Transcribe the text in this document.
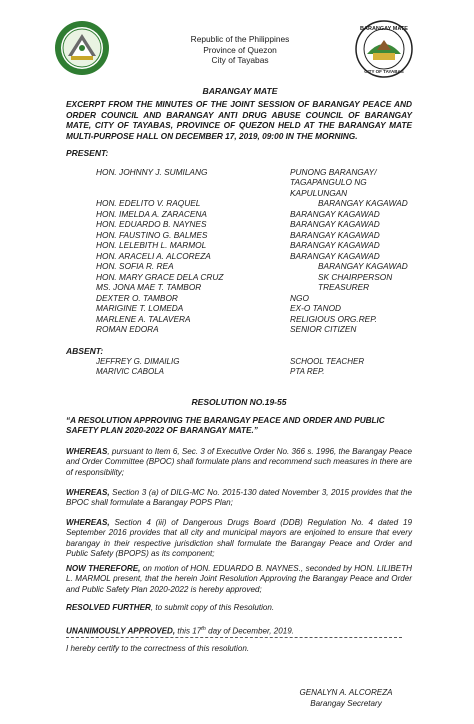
BARANGAY MATE
CITY OF TAYABAS
Republic of the Philippines
Province of Quezon
City of Tayabas
BARANGAY MATE
EXCERPT FROM THE MINUTES OF THE JOINT SESSION OF BARANGAY PEACE AND ORDER COUNCIL AND BARANGAY ANTI DRUG ABUSE COUNCIL OF BARANGAY MATE, CITY OF TAYABAS, PROVINCE OF QUEZON HELD AT THE BARANGAY MATE MULTI-PURPOSE HALL ON DECEMBER 17, 2019, 09:00 IN THE MORNING.
PRESENT:
HON. JOHNNY J. SUMILANG	PUNONG BARANGAY/
TAGAPANGULO NG
KAPULUNGAN
HON. EDELITO V. RAQUEL	BARANGAY KAGAWAD
HON. IMELDA A. ZARACENA	BARANGAY KAGAWAD
HON. EDUARDO B. NAYNES	BARANGAY KAGAWAD
HON. FAUSTINO G. BALMES	BARANGAY KAGAWAD
HON. LELEBITH L. MARMOL	BARANGAY KAGAWAD
HON. ARACELI A. ALCOREZA	BARANGAY KAGAWAD
HON. SOFIA R. REA	BARANGAY KAGAWAD
HON. MARY GRACE DELA CRUZ	SK CHAIRPERSON
MS. JONA MAE T. TAMBOR	TREASURER
DEXTER O. TAMBOR	NGO
MARIGINE T. LOMEDA	EX-O TANOD
MARLENE A. TALAVERA	RELIGIOUS ORG.REP.
ROMAN EDORA	SENIOR CITIZEN
ABSENT:
JEFFREY G. DIMAILIG	SCHOOL TEACHER
MARIVIC CABOLA	PTA REP.
RESOLUTION NO.19-55
“A RESOLUTION APPROVING THE BARANGAY PEACE AND ORDER AND PUBLIC SAFETY PLAN 2020-2022 OF BARANGAY MATE.”
WHEREAS, pursuant to Item 6, Sec. 3 of Executive Order No. 366 s. 1996, the Barangay Peace and Order Committee (BPOC) shall formulate plans and recommend such measures in there are of responsibility;
WHEREAS, Section 3 (a) of DILG-MC No. 2015-130 dated November 3, 2015 provides that the BPOC shall formulate a Barangay POPS Plan;
WHEREAS, Section 4 (iii) of Dangerous Drugs Board (DDB) Regulation No. 4 dated 19 September 2016 provides that all city and municipal mayors are enjoined to ensure that every barangay in their respective jurisdiction shall formulate the Barangay Peace and Order and Public Safety (BPOPS) as its component;
NOW THEREFORE, on motion of HON. EDUARDO B. NAYNES., seconded by HON. LILIBETH L. MARMOL present, that the herein Joint Resolution Approving the Barangay Peace and Order and Public Safety Plan 2020-2022 is hereby approved;
RESOLVED FURTHER, to submit copy of this Resolution.
UNANIMOUSLY APPROVED, this 17th day of December, 2019.
I hereby certify to the correctness of this resolution.
GENALYN A. ALCOREZA
Barangay Secretary
